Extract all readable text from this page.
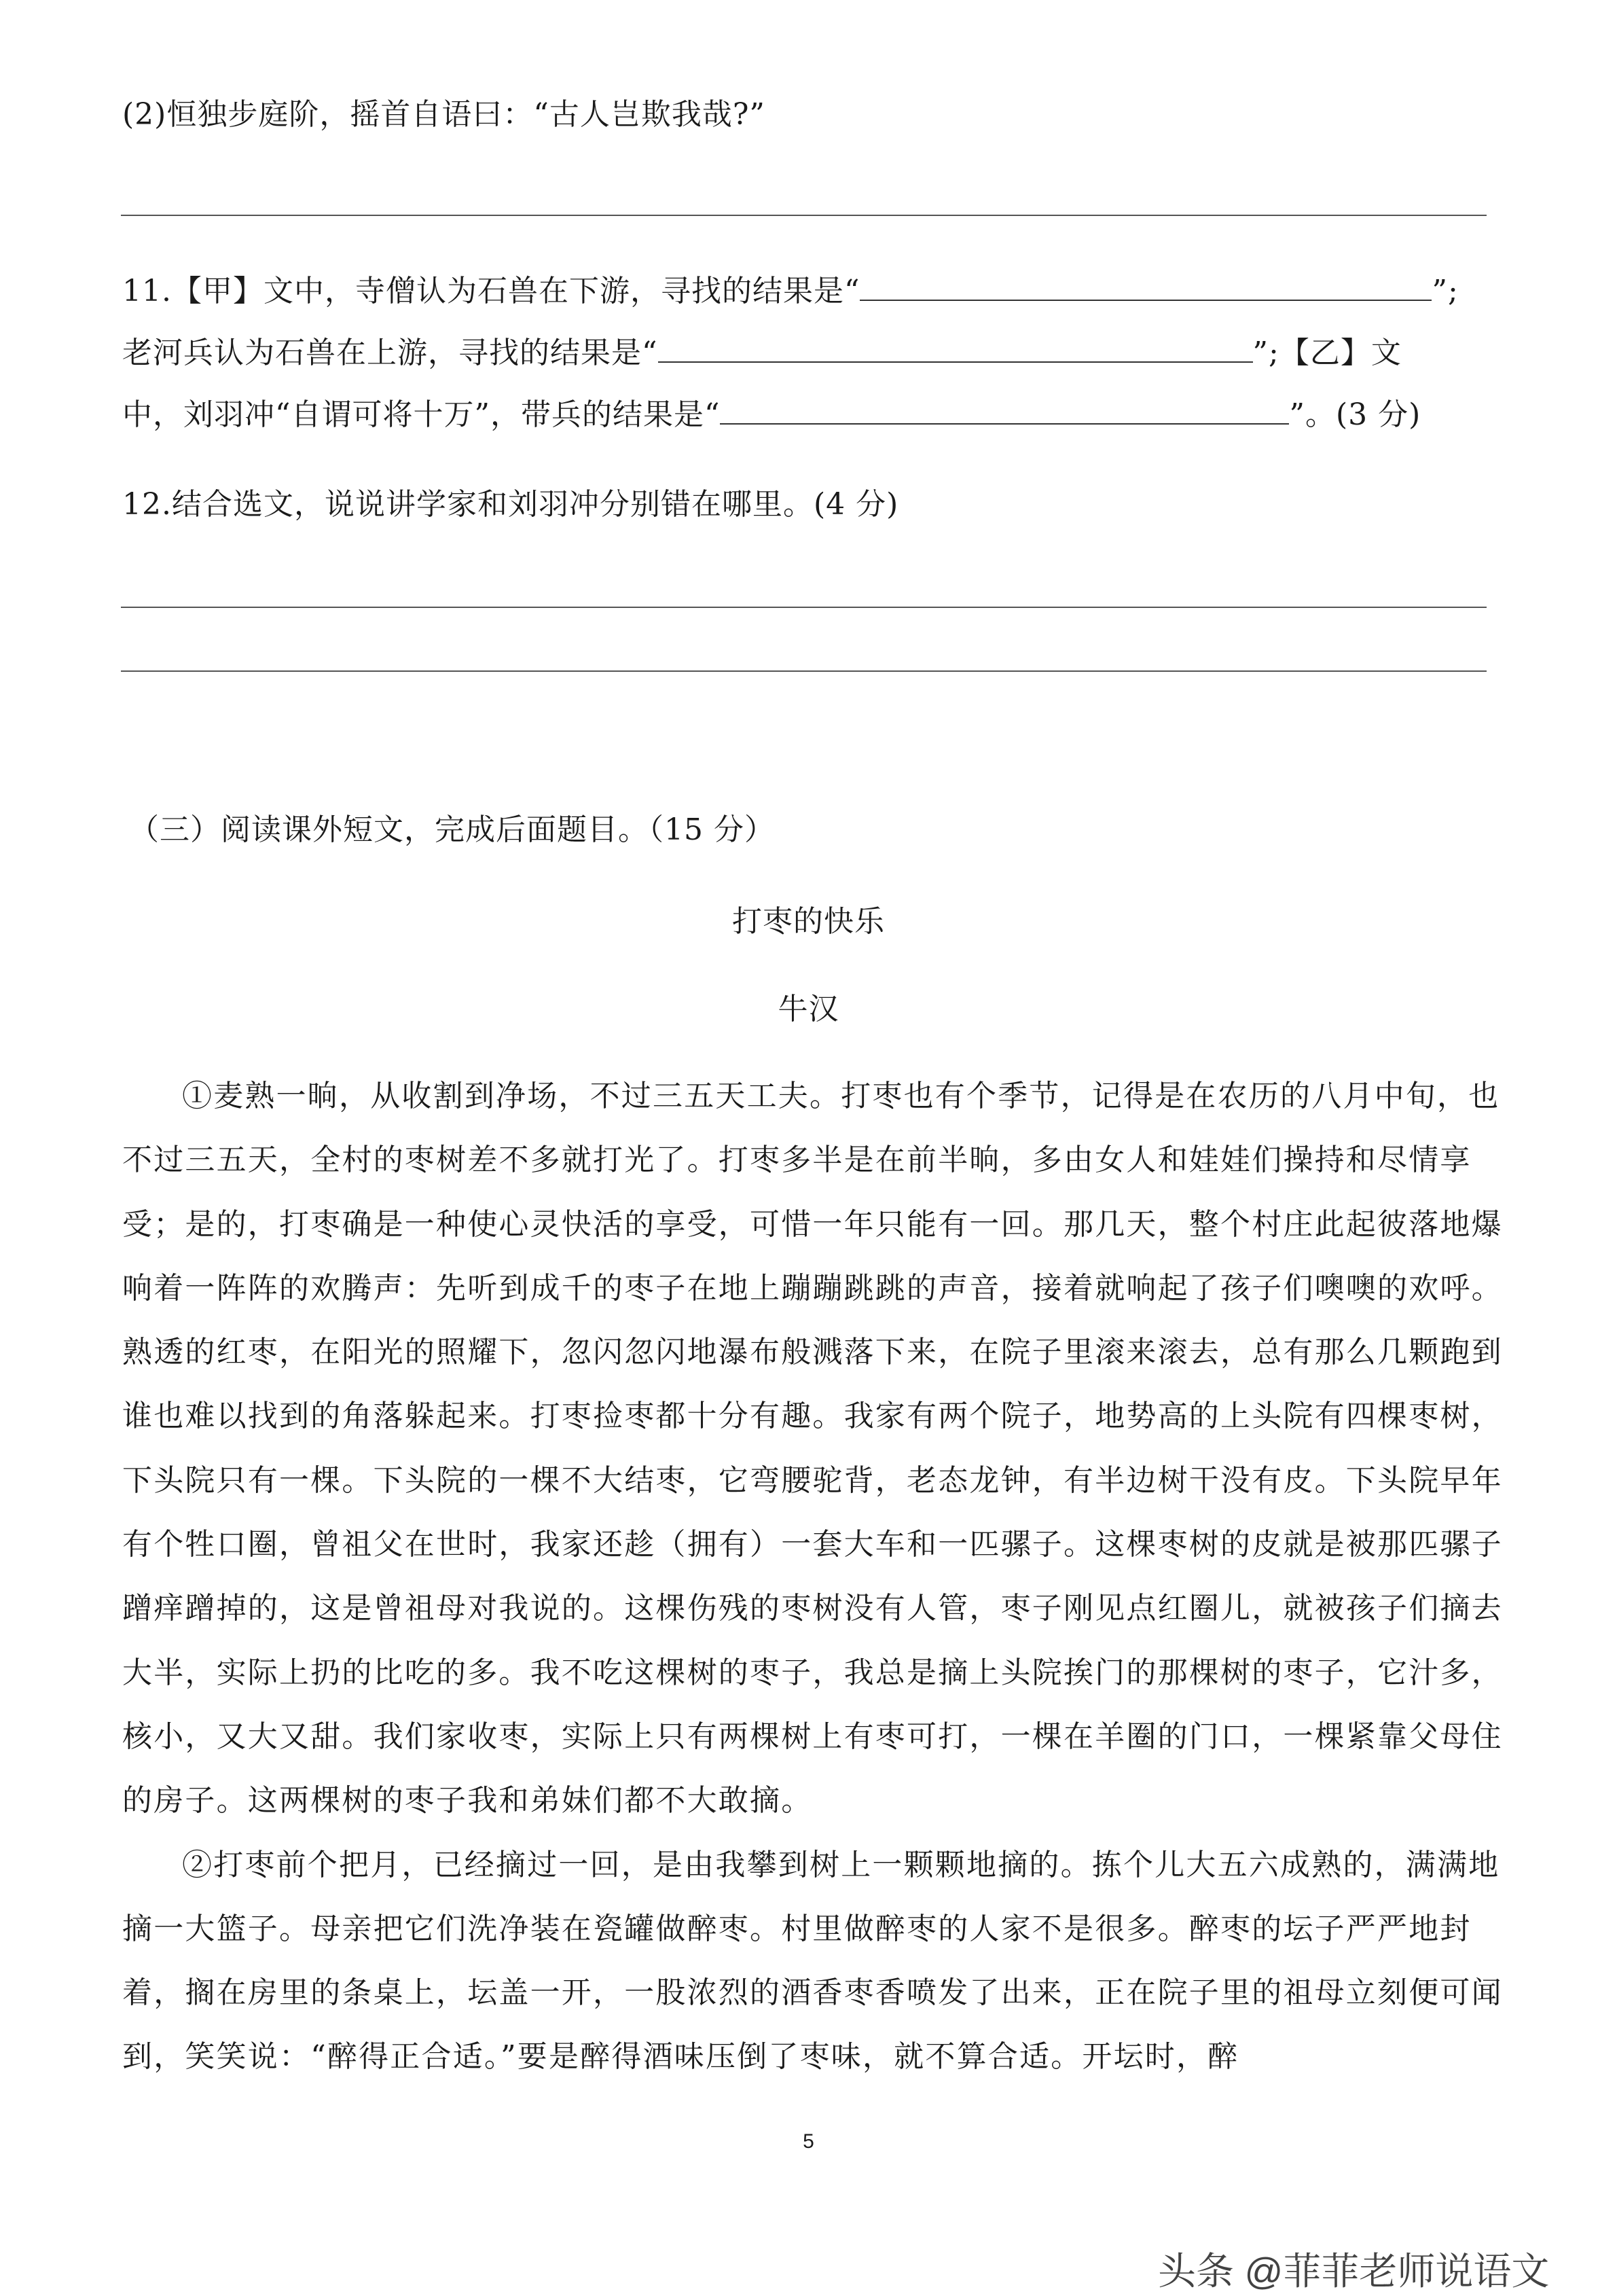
(2)恒独步庭阶，摇首自语曰：“古人岂欺我哉?”
11.【甲】文中，寺僧认为石兽在下游，寻找的结果是“	”;
老河兵认为石兽在上游，寻找的结果是“	”;【乙】文
中，刘羽冲“自谓可将十万”，带兵的结果是“	”。(3 分)
12.结合选文，说说讲学家和刘羽冲分别错在哪里。(4 分)
（三）阅读课外短文，完成后面题目。（15 分）
打枣的快乐
牛汉

①麦熟一晌，从收割到净场，不过三五天工夫。打枣也有个季节，记得是在农历的八月中旬，也不过三五天，全村的枣树差不多就打光了。打枣多半是在前半晌，多由女人和娃娃们操持和尽情享受；是的，打枣确是一种使心灵快活的享受，可惜一年只能有一回。那几天，整个村庄此起彼落地爆响着一阵阵的欢腾声：先听到成千的枣子在地上蹦蹦跳跳的声音，接着就响起了孩子们噢噢的欢呼。熟透的红枣，在阳光的照耀下，忽闪忽闪地瀑布般溅落下来，在院子里滚来滚去，总有那么几颗跑到谁也难以找到的角落躲起来。打枣捡枣都十分有趣。我家有两个院子，地势高的上头院有四棵枣树，下头院只有一棵。下头院的一棵不大结枣，它弯腰驼背，老态龙钟，有半边树干没有皮。下头院早年有个牲口圈，曾祖父在世时，我家还趁（拥有）一套大车和一匹骡子。这棵枣树的皮就是被那匹骡子蹭痒蹭掉的，这是曾祖母对我说的。这棵伤残的枣树没有人管，枣子刚见点红圈儿，就被孩子们摘去大半，实际上扔的比吃的多。我不吃这棵树的枣子，我总是摘上头院挨门的那棵树的枣子，它汁多，核小，又大又甜。我们家收枣，实际上只有两棵树上有枣可打，一棵在羊圈的门口，一棵紧靠父母住的房子。这两棵树的枣子我和弟妹们都不大敢摘。

②打枣前个把月，已经摘过一回，是由我攀到树上一颗颗地摘的。拣个儿大五六成熟的，满满地摘一大篮子。母亲把它们洗净装在瓷罐做醉枣。村里做醉枣的人家不是很多。醉枣的坛子严严地封着，搁在房里的条桌上，坛盖一开，一股浓烈的酒香枣香喷发了出来，正在院子里的祖母立刻便可闻到，笑笑说：“醉得正合适。”要是醉得酒味压倒了枣味，就不算合适。开坛时，醉

5
头条 @菲菲老师说语文
